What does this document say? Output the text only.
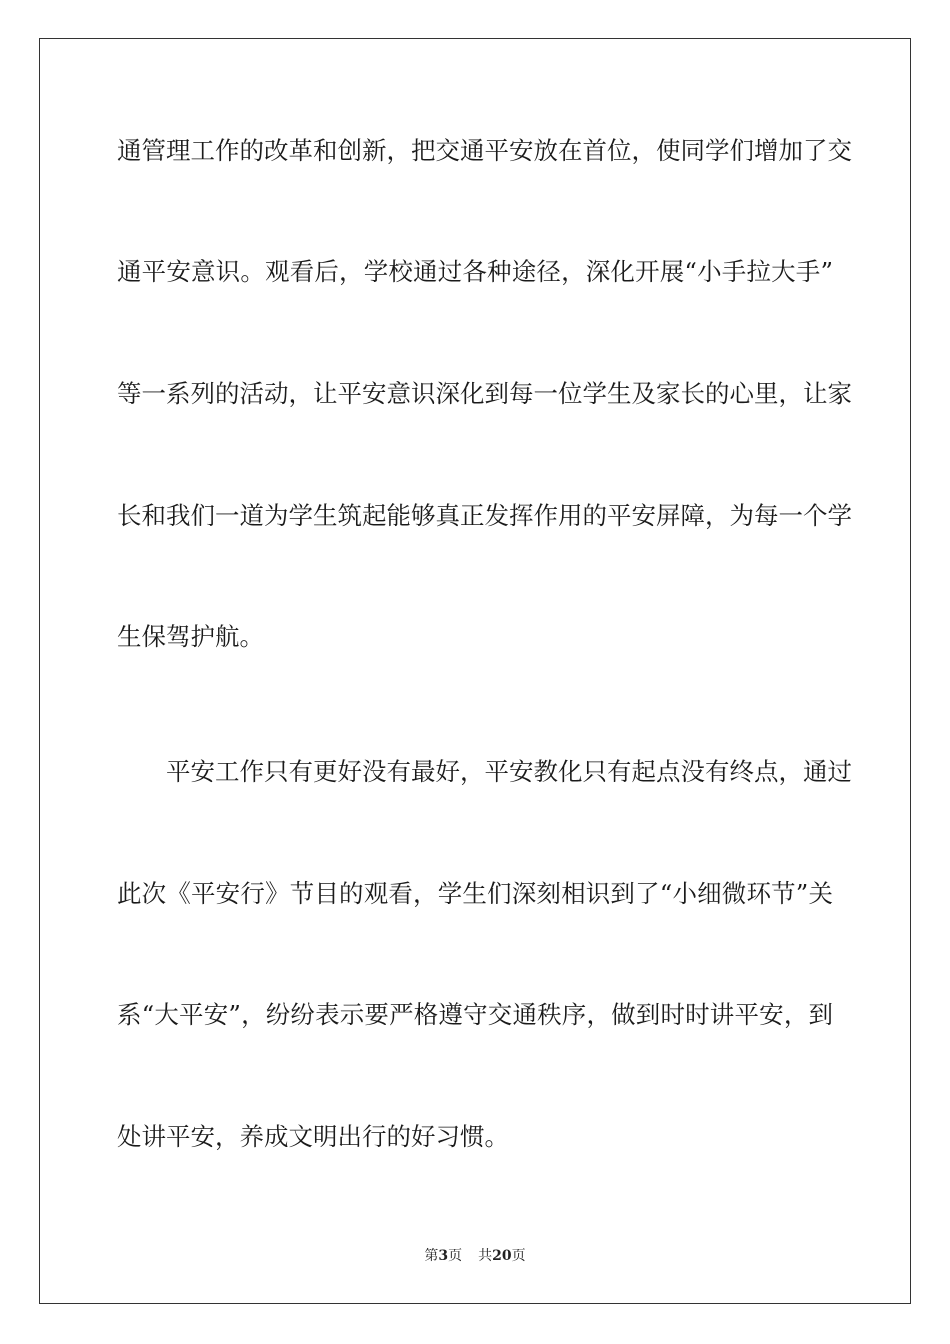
通管理工作的改革和创新，把交通平安放在首位，使同学们增加了交
通平安意识。观看后，学校通过各种途径，深化开展“小手拉大手”
等一系列的活动，让平安意识深化到每一位学生及家长的心里，让家
长和我们一道为学生筑起能够真正发挥作用的平安屏障，为每一个学
生保驾护航。
　　平安工作只有更好没有最好，平安教化只有起点没有终点，通过
此次《平安行》节目的观看，学生们深刻相识到了“小细微环节”关
系“大平安”，纷纷表示要严格遵守交通秩序，做到时时讲平安，到
处讲平安，养成文明出行的好习惯。
第3页 共20页
